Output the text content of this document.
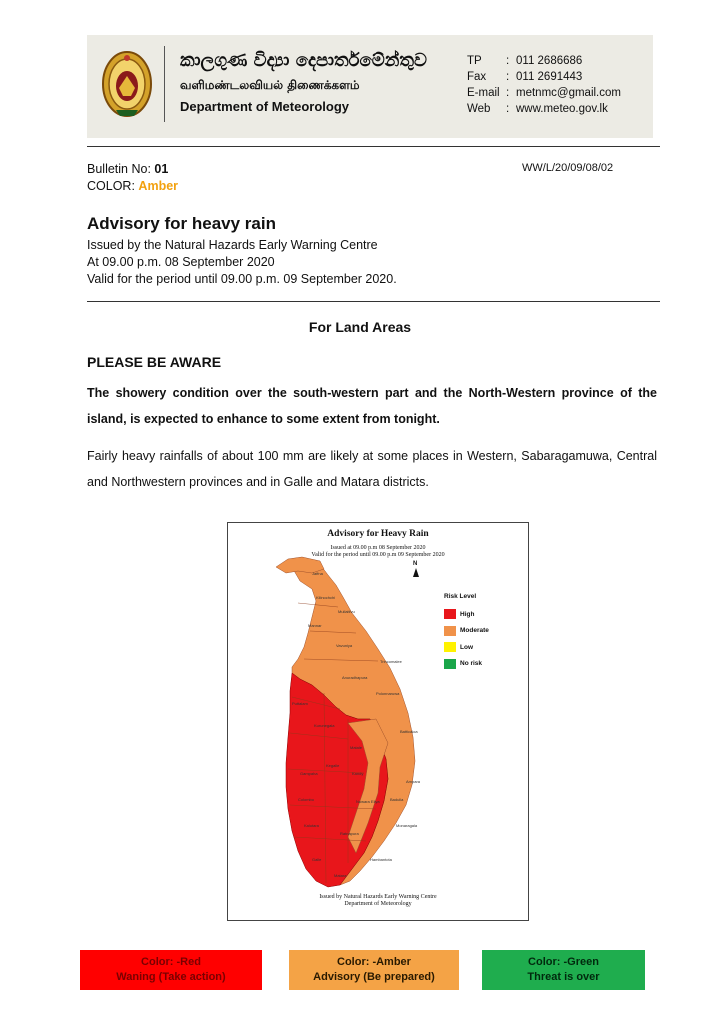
කාලගුණ විද්‍යා දෙපාර්තමේන්තුව
வளிமண்டலவியல் திணைக்களம்
Department of Meteorology
TP	: 011 2686686
Fax	: 011 2691443
E-mail : metnmc@gmail.com
Web	: www.meteo.gov.lk
Bulletin No: 01
COLOR: Amber
WW/L/20/09/08/02
Advisory for heavy rain
Issued by the Natural Hazards Early Warning Centre
At 09.00 p.m. 08 September 2020
Valid for the period until 09.00 p.m. 09 September 2020.
For Land Areas
PLEASE BE AWARE
The showery condition over the south-western part and the North-Western province of the island, is expected to enhance to some extent from tonight.
Fairly heavy rainfalls of about 100 mm are likely at some places in Western, Sabaragamuwa, Central and Northwestern provinces and in Galle and Matara districts.
Advisory for Heavy Rain
Issued at 09.00 p.m 08 September 2020
Valid for the period until 09.00 p.m 09 September 2020
N
Risk Level
High
Moderate
Low
No risk
Jaffna
Kilinochchi
Mullaitivu
Mannar
Vavuniya
Trincomalee
Anuradhapura
Puttalam
Polonnaruwa
Kurunegala
Batticaloa
Matale
Kandy
Ampara
Gampaha
Kegalle
Badulla
Colombo	Nuwara Eliya
Kalutara
Ratnapura
Monaragala
Galle	Hambantota
Matara
Issued by Natural Hazards Early Warning Centre
Department of Meteorology
Color: -Red
Waning (Take action)
Color: -Amber
Advisory (Be prepared)
Color: -Green
Threat is over
